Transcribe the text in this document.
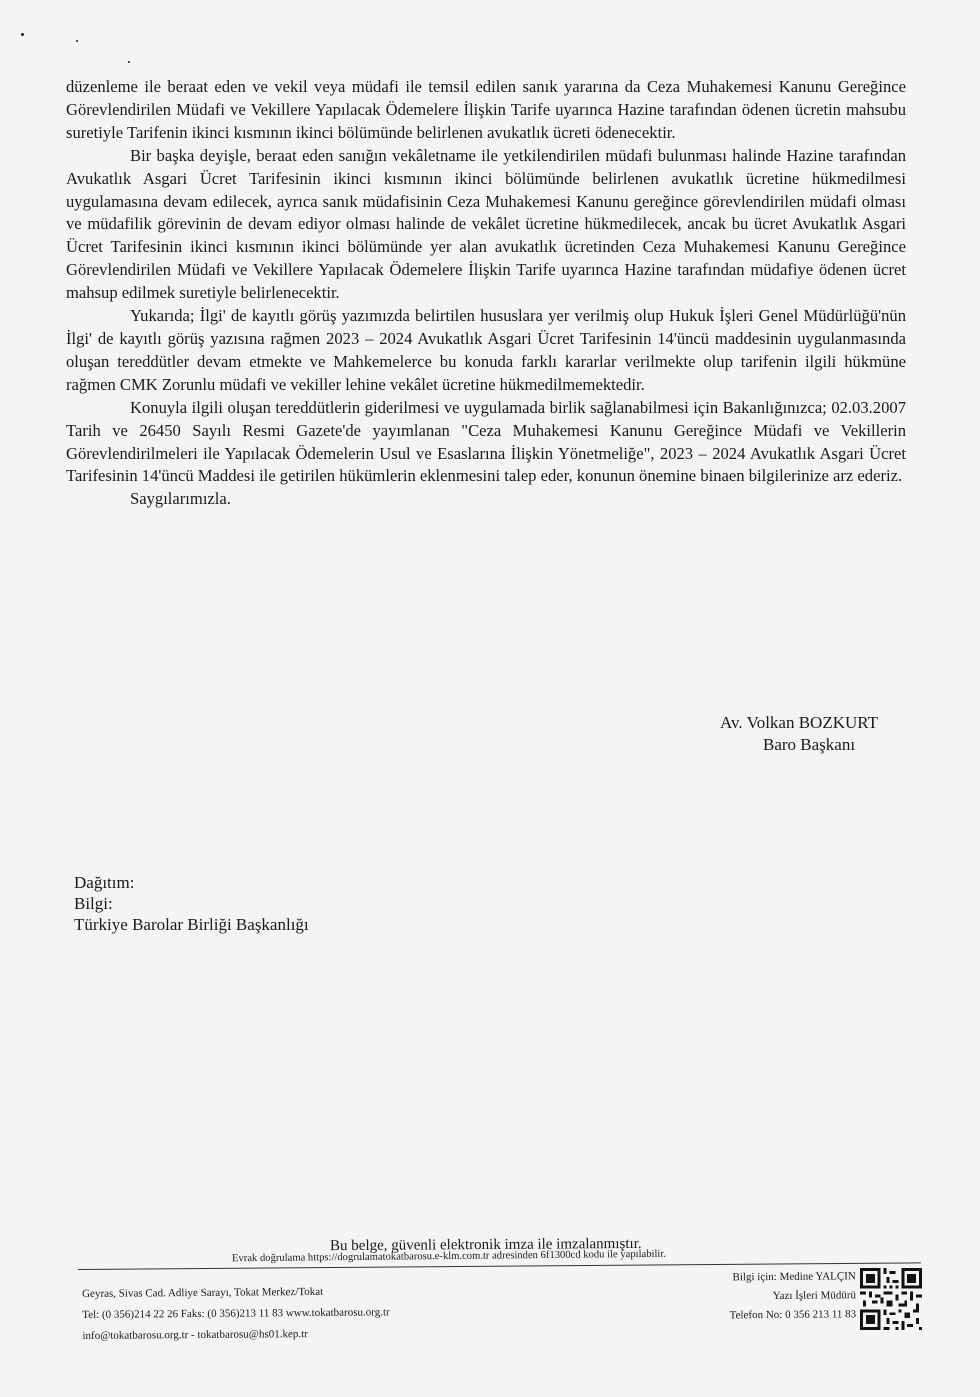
düzenleme ile beraat eden ve vekil veya müdafi ile temsil edilen sanık yararına da Ceza Muhakemesi Kanunu Gereğince Görevlendirilen Müdafi ve Vekillere Yapılacak Ödemelere İlişkin Tarife uyarınca Hazine tarafından ödenen ücretin mahsubu suretiyle Tarifenin ikinci kısmının ikinci bölümünde belirlenen avukatlık ücreti ödenecektir.

Bir başka deyişle, beraat eden sanığın vekâletname ile yetkilendirilen müdafi bulunması halinde Hazine tarafından Avukatlık Asgari Ücret Tarifesinin ikinci kısmının ikinci bölümünde belirlenen avukatlık ücretine hükmedilmesi uygulamasına devam edilecek, ayrıca sanık müdafisinin Ceza Muhakemesi Kanunu gereğince görevlendirilen müdafi olması ve müdafilik görevinin de devam ediyor olması halinde de vekâlet ücretine hükmedilecek, ancak bu ücret Avukatlık Asgari Ücret Tarifesinin ikinci kısmının ikinci bölümünde yer alan avukatlık ücretinden Ceza Muhakemesi Kanunu Gereğince Görevlendirilen Müdafi ve Vekillere Yapılacak Ödemelere İlişkin Tarife uyarınca Hazine tarafından müdafiye ödenen ücret mahsup edilmek suretiyle belirlenecektir.

Yukarıda; İlgi' de kayıtlı görüş yazımızda belirtilen hususlara yer verilmiş olup Hukuk İşleri Genel Müdürlüğü'nün İlgi' de kayıtlı görüş yazısına rağmen 2023 – 2024 Avukatlık Asgari Ücret Tarifesinin 14'üncü maddesinin uygulanmasında oluşan tereddütler devam etmekte ve Mahkemelerce bu konuda farklı kararlar verilmekte olup tarifenin ilgili hükmüne rağmen CMK Zorunlu müdafi ve vekiller lehine vekâlet ücretine hükmedilmemektedir.

Konuyla ilgili oluşan tereddütlerin giderilmesi ve uygulamada birlik sağlanabilmesi için Bakanlığınızca; 02.03.2007 Tarih ve 26450 Sayılı Resmi Gazete'de yayımlanan "Ceza Muhakemesi Kanunu Gereğince Müdafi ve Vekillerin Görevlendirilmeleri ile Yapılacak Ödemelerin Usul ve Esaslarına İlişkin Yönetmeliğe", 2023 – 2024 Avukatlık Asgari Ücret Tarifesinin 14'üncü Maddesi ile getirilen hükümlerin eklenmesini talep eder, konunun önemine binaen bilgilerinize arz ederiz.

Saygılarımızla.

Av. Volkan BOZKURT
Baro Başkanı
Dağıtım:
Bilgi:
Türkiye Barolar Birliği Başkanlığı
Bu belge, güvenli elektronik imza ile imzalanmıştır.
Evrak doğrulama https://dogrulamatokatbarosu.e-klm.com.tr adresinden 6f1300cd kodu ile yapılabilir.
Geyras, Sivas Cad. Adliye Sarayı, Tokat Merkez/Tokat
Tel: (0 356)214 22 26 Faks: (0 356)213 11 83 www.tokatbarosu.org.tr
info@tokatbarosu.org.tr - tokatbarosu@hs01.kep.tr
Bilgi için: Medine YALÇIN
Yazı İşleri Müdürü
Telefon No: 0 356 213 11 83
